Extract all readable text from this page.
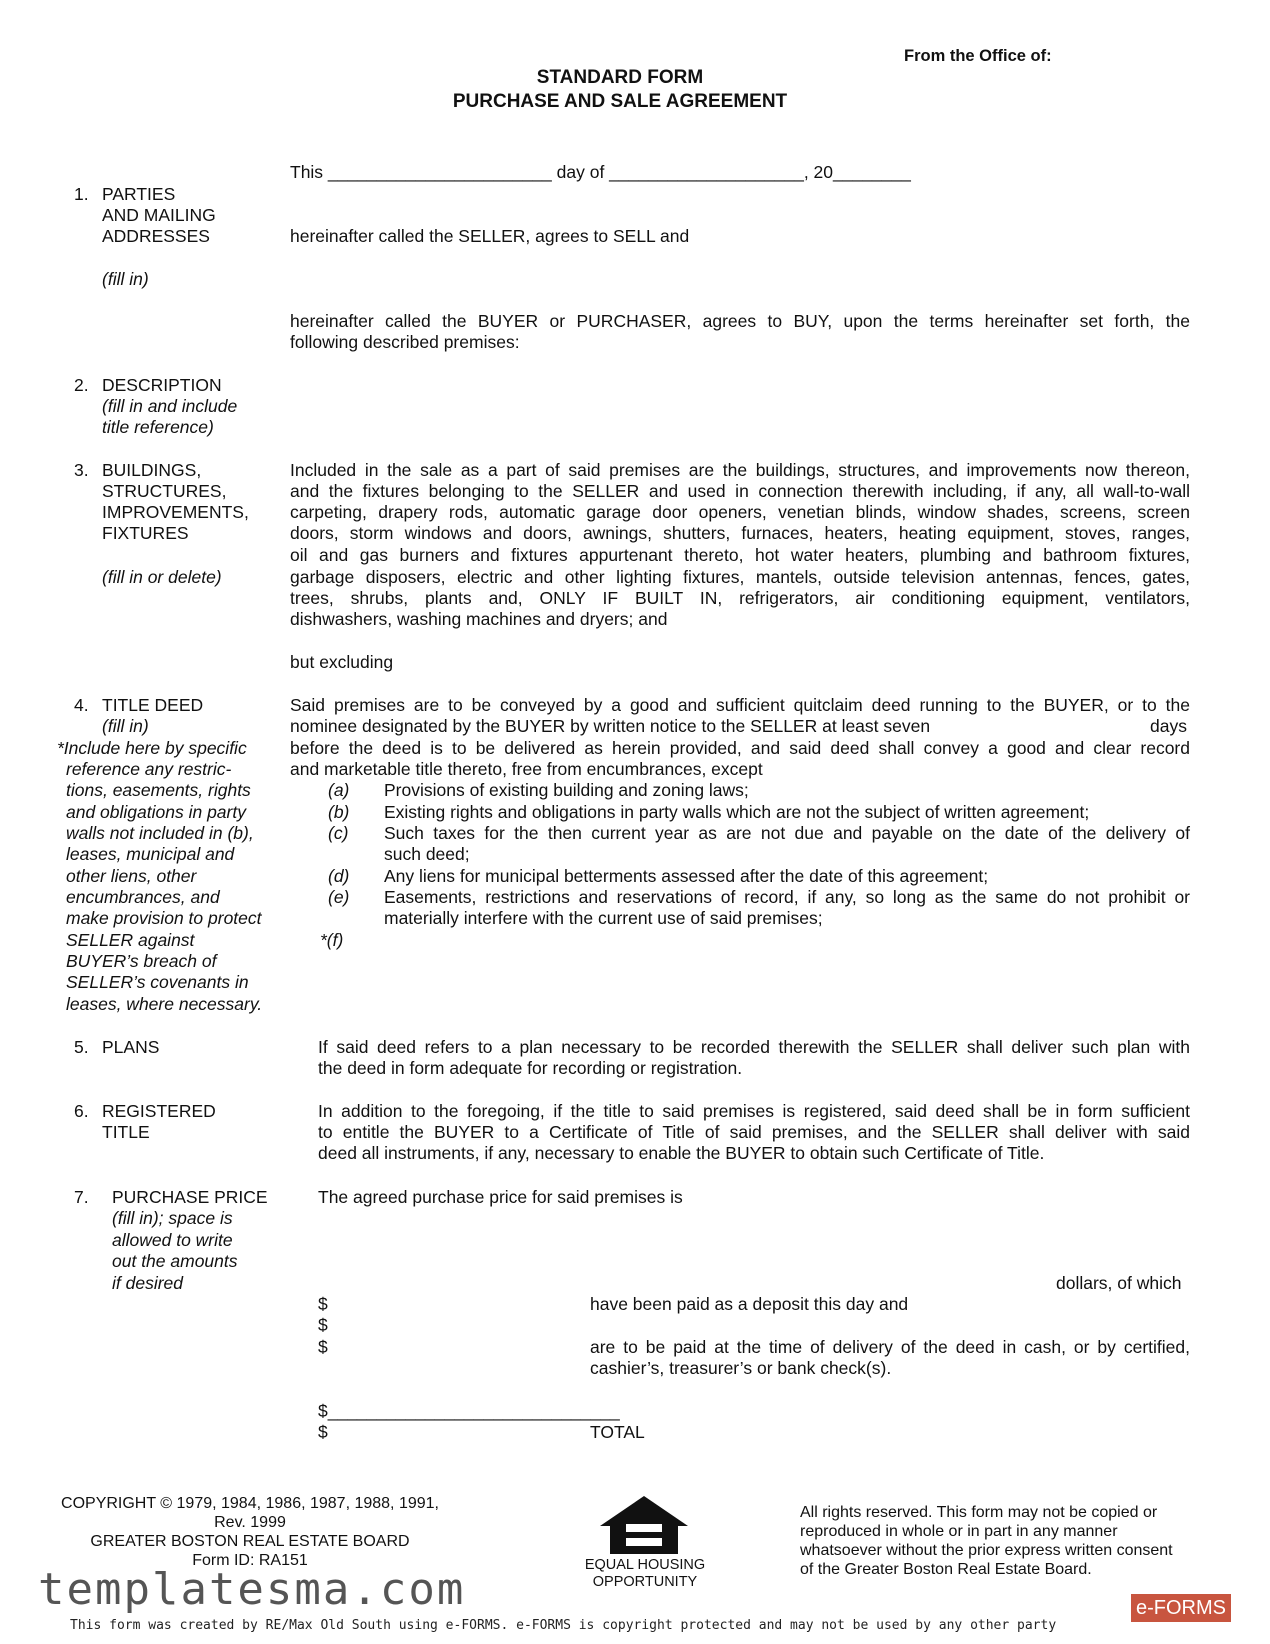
From the Office of:
STANDARD FORM
PURCHASE AND SALE AGREEMENT
This _______________________ day of ____________________, 20________
1. PARTIES
AND MAILING
ADDRESSES
(fill in)
hereinafter called the SELLER, agrees to SELL and
hereinafter called the BUYER or PURCHASER, agrees to BUY, upon the terms hereinafter set forth, the
following described premises:
2. DESCRIPTION
(fill in and include
title reference)
3. BUILDINGS,
STRUCTURES,
IMPROVEMENTS,
FIXTURES
(fill in or delete)
Included in the sale as a part of said premises are the buildings, structures, and improvements now thereon,
and the fixtures belonging to the SELLER and used in connection therewith including, if any, all wall-to-wall
carpeting, drapery rods, automatic garage door openers, venetian blinds, window shades, screens, screen
doors, storm windows and doors, awnings, shutters, furnaces, heaters, heating equipment, stoves, ranges,
oil and gas burners and fixtures appurtenant thereto, hot water heaters, plumbing and bathroom fixtures,
garbage disposers, electric and other lighting fixtures, mantels, outside television antennas, fences, gates,
trees, shrubs, plants and, ONLY IF BUILT IN, refrigerators, air conditioning equipment, ventilators,
dishwashers, washing machines and dryers; and
but excluding
4. TITLE DEED
(fill in)
*Include here by specific
reference any restric-
tions, easements, rights
and obligations in party
walls not included in (b),
leases, municipal and
other liens, other
encumbrances, and
make provision to protect
SELLER against
BUYER’s breach of
SELLER’s covenants in
leases, where necessary.
Said premises are to be conveyed by a good and sufficient quitclaim deed running to the BUYER, or to the
nominee designated by the BUYER by written notice to the SELLER at least seven	days
before the deed is to be delivered as herein provided, and said deed shall convey a good and clear record
and marketable title thereto, free from encumbrances, except
(a) Provisions of existing building and zoning laws;
(b) Existing rights and obligations in party walls which are not the subject of written agreement;
(c) Such taxes for the then current year as are not due and payable on the date of the delivery of
such deed;
(d) Any liens for municipal betterments assessed after the date of this agreement;
(e) Easements, restrictions and reservations of record, if any, so long as the same do not prohibit or
materially interfere with the current use of said premises;
*(f)
5. PLANS	If said deed refers to a plan necessary to be recorded therewith the SELLER shall deliver such plan with
the deed in form adequate for recording or registration.
6. REGISTERED
TITLE
In addition to the foregoing, if the title to said premises is registered, said deed shall be in form sufficient
to entitle the BUYER to a Certificate of Title of said premises, and the SELLER shall deliver with said
deed all instruments, if any, necessary to enable the BUYER to obtain such Certificate of Title.
7. PURCHASE PRICE
(fill in); space is
allowed to write
out the amounts
if desired
The agreed purchase price for said premises is
dollars, of which
$	have been paid as a deposit this day and
$
$	are to be paid at the time of delivery of the deed in cash, or by certified,
cashier’s, treasurer’s or bank check(s).
$______________________________
$	TOTAL
COPYRIGHT © 1979, 1984, 1986, 1987, 1988, 1991,
Rev. 1999
GREATER BOSTON REAL ESTATE BOARD
Form ID: RA151	EQUAL HOUSING
OPPORTUNITY
All rights reserved. This form may not be copied or
reproduced in whole or in part in any manner
whatsoever without the prior express written consent
of the Greater Boston Real Estate Board.
templatesma.com
This form was created by RE/Max Old South using e-FORMS. e-FORMS is copyright protected and may not be used by any other party
e-FORMS
